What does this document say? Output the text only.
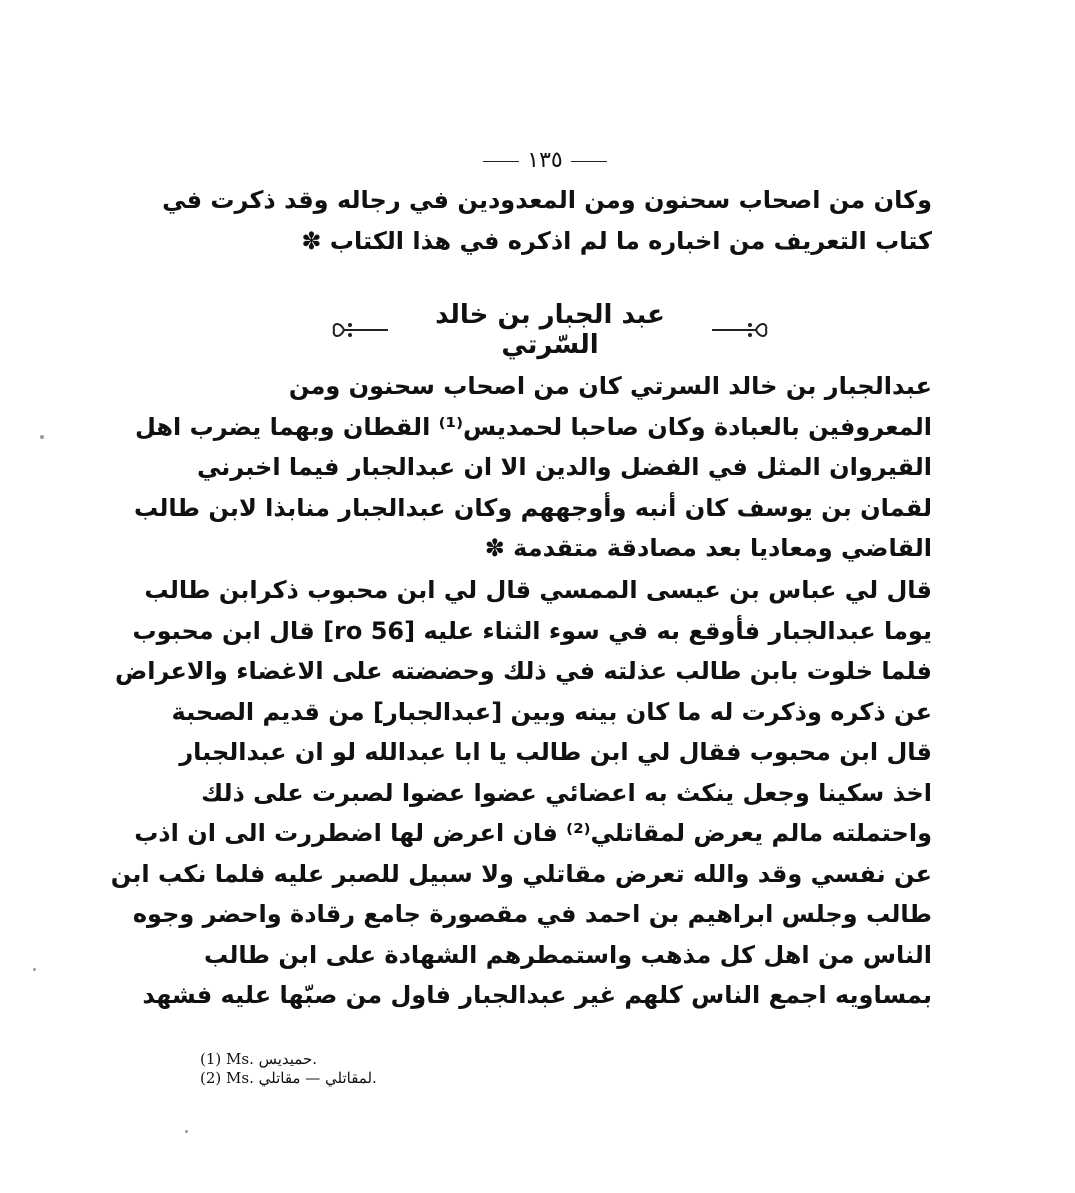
١٣٥
وكان من اصحاب سحنون ومن المعدودين في رجاله وقد ذكرت في
كتاب التعريف من اخباره ما لم اذكره في هذا الكتاب ✽
عبد الجبار بن خالد السّرتي
عبدالجبار بن خالد السرتي كان من اصحاب سحنون ومن
المعروفين بالعبادة وكان صاحبا لحمديس⁽¹⁾ القطان وبهما يضرب اهل
القيروان المثل في الفضل والدين الا ان عبدالجبار فيما اخبرني
لقمان بن يوسف كان أنبه وأوجههم وكان عبدالجبار منابذا لابن طالب
القاضي ومعاديا بعد مصادقة متقدمة ✽
قال لي عباس بن عيسى الممسي قال لي ابن محبوب ذكرابن طالب
يوما عبدالجبار فأوقع به في سوء الثناء عليه [56 ro] قال ابن محبوب
فلما خلوت بابن طالب عذلته في ذلك وحضضته على الاغضاء والاعراض
عن ذكره وذكرت له ما كان بينه وبين [عبدالجبار] من قديم الصحبة
قال ابن محبوب فقال لي ابن طالب يا ابا عبدالله لو ان عبدالجبار
اخذ سكينا وجعل ينكث به اعضائي عضوا عضوا لصبرت على ذلك
واحتملته مالم يعرض لمقاتلي⁽²⁾ فان اعرض لها اضطررت الى ان اذب
عن نفسي وقد والله تعرض مقاتلي ولا سبيل للصبر عليه فلما نكب ابن
طالب وجلس ابراهيم بن احمد في مقصورة جامع رقادة واحضر وجوه
الناس من اهل كل مذهب واستمطرهم الشهادة على ابن طالب
بمساويه اجمع الناس كلهم غير عبدالجبار فاول من صبّها عليه فشهد
(1) Ms. حميديس.
(2) Ms. لمقاتلي — مقاتلي.
